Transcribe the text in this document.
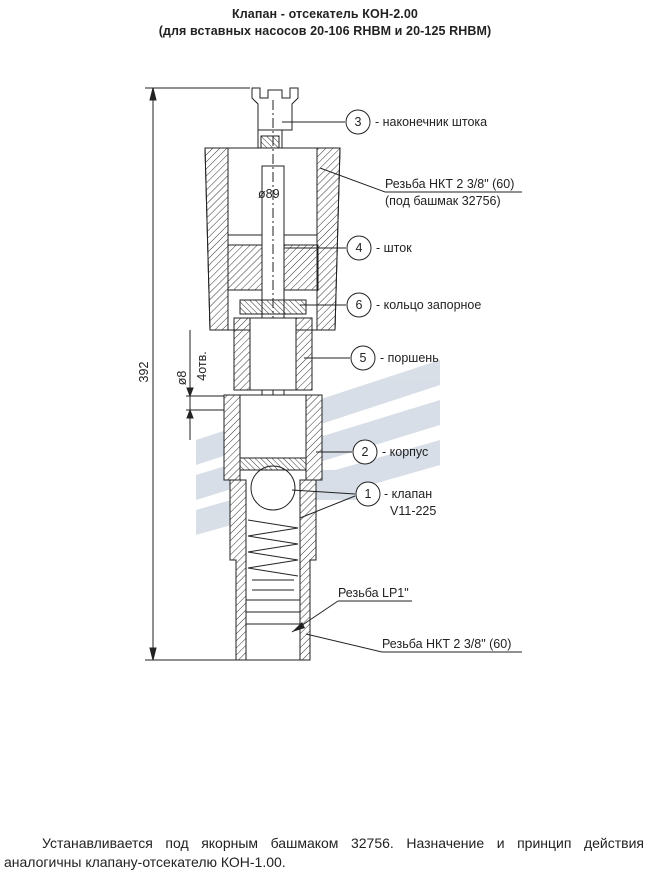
Клапан - отсекатель КОН-2.00
(для вставных насосов 20-106 RHBM и 20-125 RHBM)
392 ø8 4отв.
ø89
3 - наконечник штока
Резьба НКТ 2 3/8" (60)
(под башмак 32756)
4 - шток
6 - кольцо запорное
5 - поршень
2 - корпус
1 - клапан
V11-225
Резьба LP1"
Резьба НКТ 2 3/8" (60)
Устанавливается под якорным башмаком 32756. Назначение и принцип действия аналогичны клапану-отсекателю КОН-1.00.
